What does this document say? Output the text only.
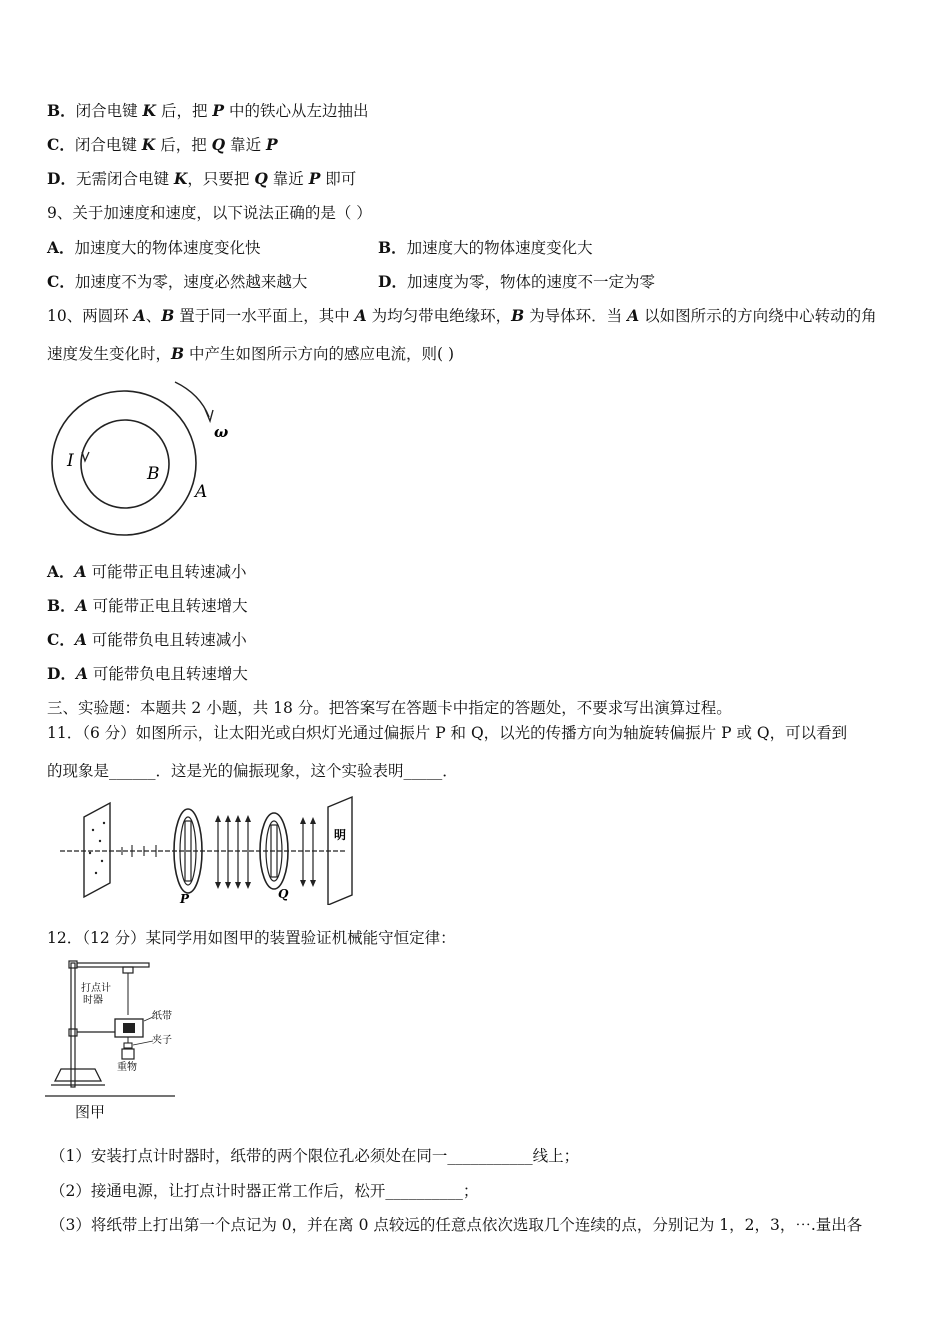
B．闭合电键 K 后，把 P 中的铁心从左边抽出
C．闭合电键 K 后，把 Q 靠近 P
D．无需闭合电键 K，只要把 Q 靠近 P 即可
9、关于加速度和速度，以下说法正确的是（ ）
A．加速度大的物体速度变化快	B．加速度大的物体速度变化大
C．加速度不为零，速度必然越来越大	D．加速度为零，物体的速度不一定为零
10、两圆环 A、B 置于同一水平面上，其中 A 为均匀带电绝缘环，B 为导体环．当 A 以如图所示的方向绕中心转动的角
速度发生变化时，B 中产生如图所示方向的感应电流，则( )
ω
I
B
A
A．A 可能带正电且转速减小
B．A 可能带正电且转速增大
C．A 可能带负电且转速减小
D．A 可能带负电且转速增大
三、实验题：本题共 2 小题，共 18 分。把答案写在答题卡中指定的答题处，不要求写出演算过程。
11．（6 分）如图所示，让太阳光或白炽灯光通过偏振片 P 和 Q，以光的传播方向为轴旋转偏振片 P 或 Q，可以看到
的现象是______．这是光的偏振现象，这个实验表明_____．
P	Q
明
12．（12 分）某同学用如图甲的装置验证机械能守恒定律：
打点计
时器
纸带
夹子
重物
图甲
（1）安装打点计时器时，纸带的两个限位孔必须处在同一___________线上；
（2）接通电源，让打点计时器正常工作后，松开__________；
（3）将纸带上打出第一个点记为 0，并在离 0 点较远的任意点依次选取几个连续的点，分别记为 1，2，3，⋯.量出各
